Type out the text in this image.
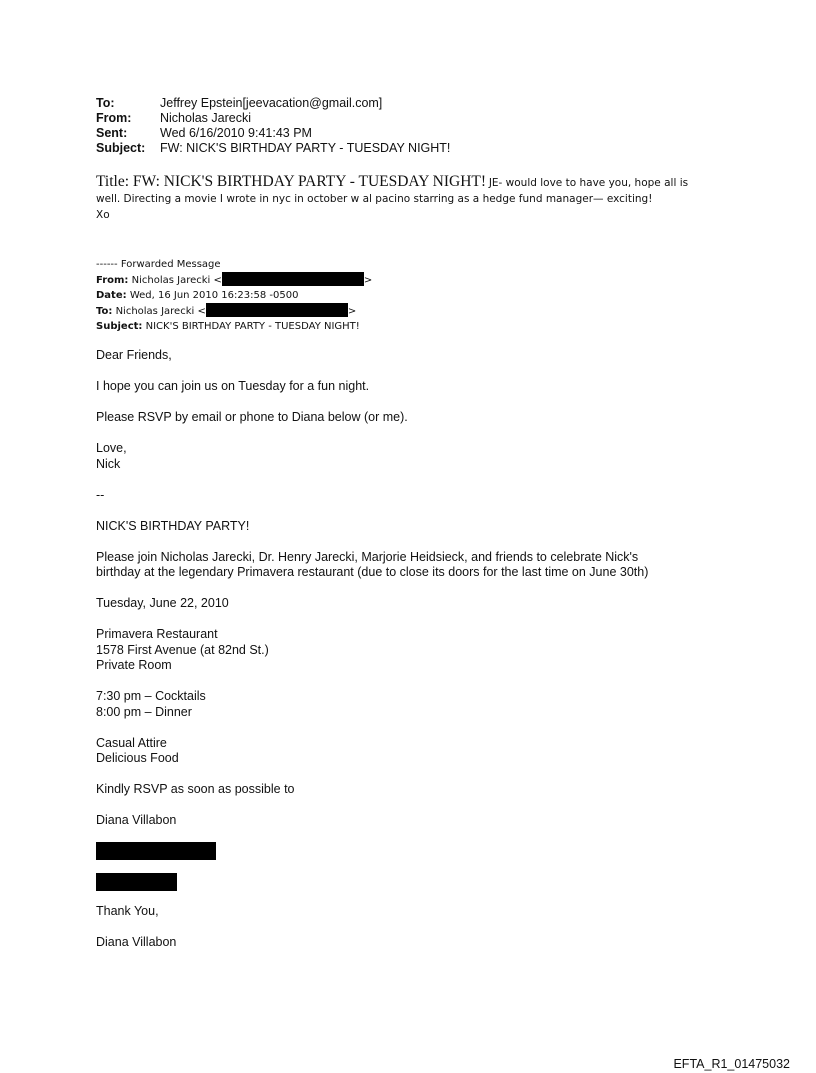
To:	Jeffrey Epstein[jeevacation@gmail.com]
From:	Nicholas Jarecki
Sent:	Wed 6/16/2010 9:41:43 PM
Subject:	FW: NICK'S BIRTHDAY PARTY - TUESDAY NIGHT!
Title: FW: NICK'S BIRTHDAY PARTY - TUESDAY NIGHT! JE- would love to have you, hope all is
well. Directing a movie I wrote in nyc in october w al pacino starring as a hedge fund manager— exciting!
Xo
------ Forwarded Message
From: Nicholas Jarecki <	>
Date: Wed, 16 Jun 2010 16:23:58 -0500
To: Nicholas Jarecki <	>
Subject: NICK'S BIRTHDAY PARTY - TUESDAY NIGHT!

Dear Friends,

I hope you can join us on Tuesday for a fun night.

Please RSVP by email or phone to Diana below (or me).

Love,

Nick

--

NICK'S BIRTHDAY PARTY!

Please join Nicholas Jarecki, Dr. Henry Jarecki, Marjorie Heidsieck, and friends to celebrate Nick's

birthday at the legendary Primavera restaurant (due to close its doors for the last time on June 30th)

Tuesday, June 22, 2010

Primavera Restaurant

1578 First Avenue (at 82nd St.)

Private Room

7:30 pm – Cocktails

8:00 pm – Dinner

Casual Attire

Delicious Food

Kindly RSVP as soon as possible to

Diana Villabon

Thank You,

Diana Villabon

EFTA_R1_01475032
